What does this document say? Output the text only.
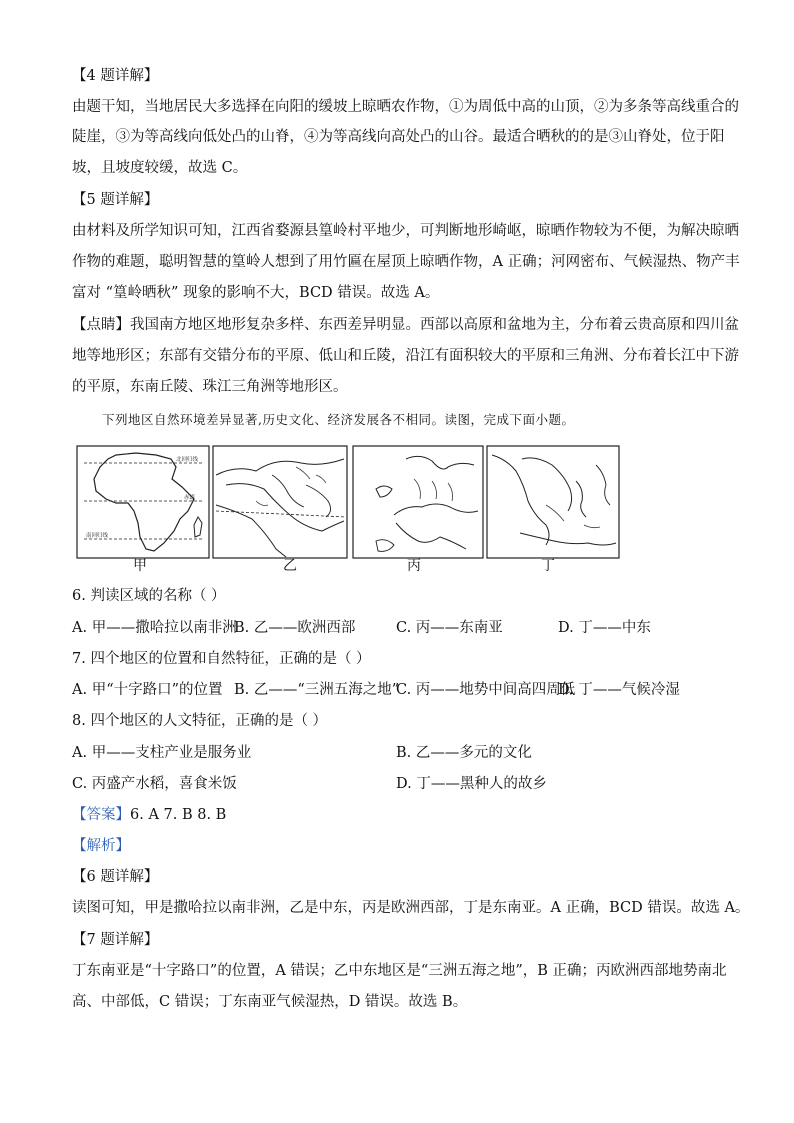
【4 题详解】
由题干知，当地居民大多选择在向阳的缓坡上晾晒农作物，①为周低中高的山顶，②为多条等高线重合的
陡崖，③为等高线向低处凸的山脊，④为等高线向高处凸的山谷。最适合晒秋的的是③山脊处，位于阳
坡，且坡度较缓，故选 C。
【5 题详解】
由材料及所学知识可知，江西省婺源县篁岭村平地少，可判断地形崎岖，晾晒作物较为不便，为解决晾晒
作物的难题，聪明智慧的篁岭人想到了用竹匾在屋顶上晾晒作物，A 正确；河网密布、气候湿热、物产丰
富对 “篁岭晒秋” 现象的影响不大，BCD 错误。故选 A。
【点睛】我国南方地区地形复杂多样、东西差异明显。西部以高原和盆地为主，分布着云贵高原和四川盆
地等地形区；东部有交错分布的平原、低山和丘陵，沿江有面积较大的平原和三角洲、分布着长江中下游
的平原，东南丘陵、珠江三角洲等地形区。
下列地区自然环境差异显著,历史文化、经济发展各不相同。读图，完成下面小题。
北回归线
赤道
南回归线
甲	乙	丙	丁
6. 判读区域的名称（ ）
A. 甲——撒哈拉以南非洲
B. 乙——欧洲西部	C. 丙——东南亚	D. 丁——中东
7. 四个地区的位置和自然特征，正确的是（ ）
A. 甲“十字路口”的位置 B. 乙——“三洲五海之地”
C. 丙——地势中间高四周低
D. 丁——气候冷湿
8. 四个地区的人文特征，正确的是（ ）
A. 甲——支柱产业是服务业	B. 乙——多元的文化
C. 丙盛产水稻，喜食米饭	D. 丁——黑种人的故乡
【答案】6. A 7. B 8. B
【解析】
【6 题详解】
读图可知，甲是撒哈拉以南非洲，乙是中东，丙是欧洲西部，丁是东南亚。A 正确，BCD 错误。故选 A。
【7 题详解】
丁东南亚是“十字路口”的位置，A 错误；乙中东地区是“三洲五海之地”，B 正确；丙欧洲西部地势南北
高、中部低，C 错误；丁东南亚气候湿热，D 错误。故选 B。
